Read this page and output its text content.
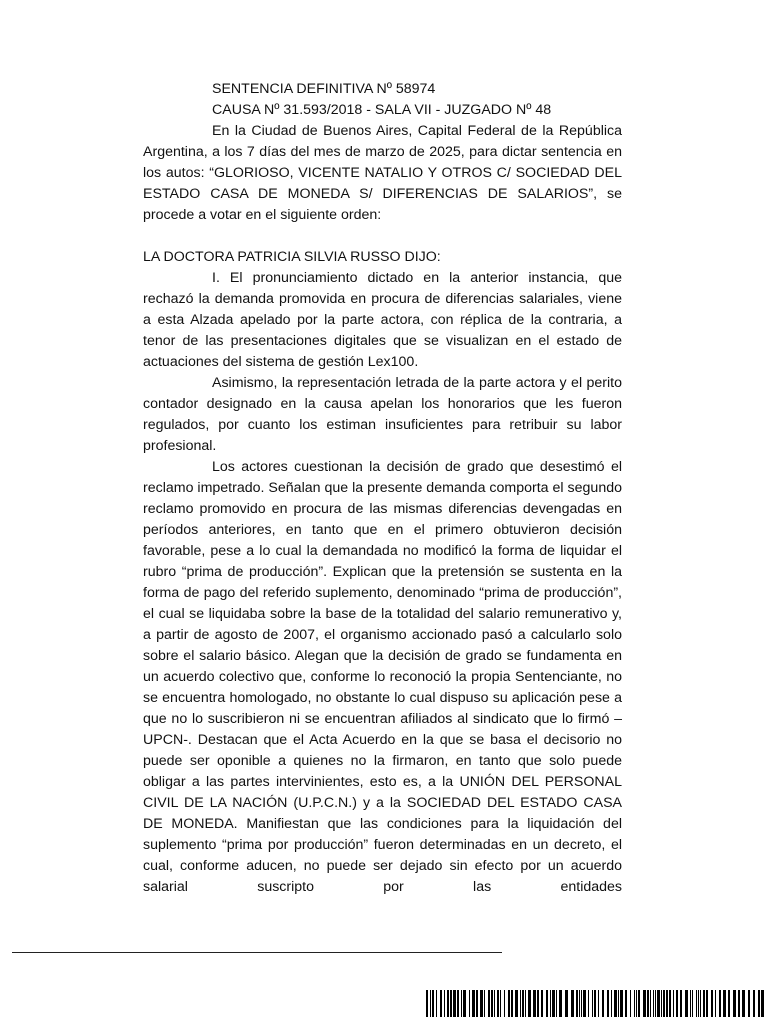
SENTENCIA DEFINITIVA Nº 58974

CAUSA Nº 31.593/2018 - SALA VII - JUZGADO Nº 48

En la Ciudad de Buenos Aires, Capital Federal de la República Argentina, a los 7 días del mes de marzo de 2025, para dictar sentencia en los autos: “GLORIOSO, VICENTE NATALIO Y OTROS C/ SOCIEDAD DEL ESTADO CASA DE MONEDA S/ DIFERENCIAS DE SALARIOS”, se procede a votar en el siguiente orden:

LA DOCTORA PATRICIA SILVIA RUSSO DIJO:

I. El pronunciamiento dictado en la anterior instancia, que rechazó la demanda promovida en procura de diferencias salariales, viene a esta Alzada apelado por la parte actora, con réplica de la contraria, a tenor de las presentaciones digitales que se visualizan en el estado de actuaciones del sistema de gestión Lex100.

Asimismo, la representación letrada de la parte actora y el perito contador designado en la causa apelan los honorarios que les fueron regulados, por cuanto los estiman insuficientes para retribuir su labor profesional.

Los actores cuestionan la decisión de grado que desestimó el reclamo impetrado. Señalan que la presente demanda comporta el segundo reclamo promovido en procura de las mismas diferencias devengadas en períodos anteriores, en tanto que en el primero obtuvieron decisión favorable, pese a lo cual la demandada no modificó la forma de liquidar el rubro “prima de producción”. Explican que la pretensión se sustenta en la forma de pago del referido suplemento, denominado “prima de producción”, el cual se liquidaba sobre la base de la totalidad del salario remunerativo y, a partir de agosto de 2007, el organismo accionado pasó a calcularlo solo sobre el salario básico. Alegan que la decisión de grado se fundamenta en un acuerdo colectivo que, conforme lo reconoció la propia Sentenciante, no se encuentra homologado, no obstante lo cual dispuso su aplicación pese a que no lo suscribieron ni se encuentran afiliados al sindicato que lo firmó –UPCN-. Destacan que el Acta Acuerdo en la que se basa el decisorio no puede ser oponible a quienes no la firmaron, en tanto que solo puede obligar a las partes intervinientes, esto es, a la UNIÓN DEL PERSONAL CIVIL DE LA NACIÓN (U.P.C.N.) y a la SOCIEDAD DEL ESTADO CASA DE MONEDA. Manifiestan que las condiciones para la liquidación del suplemento “prima por producción” fueron determinadas en un decreto, el cual, conforme aducen, no puede ser dejado sin efecto por un acuerdo salarial suscripto por las entidades
